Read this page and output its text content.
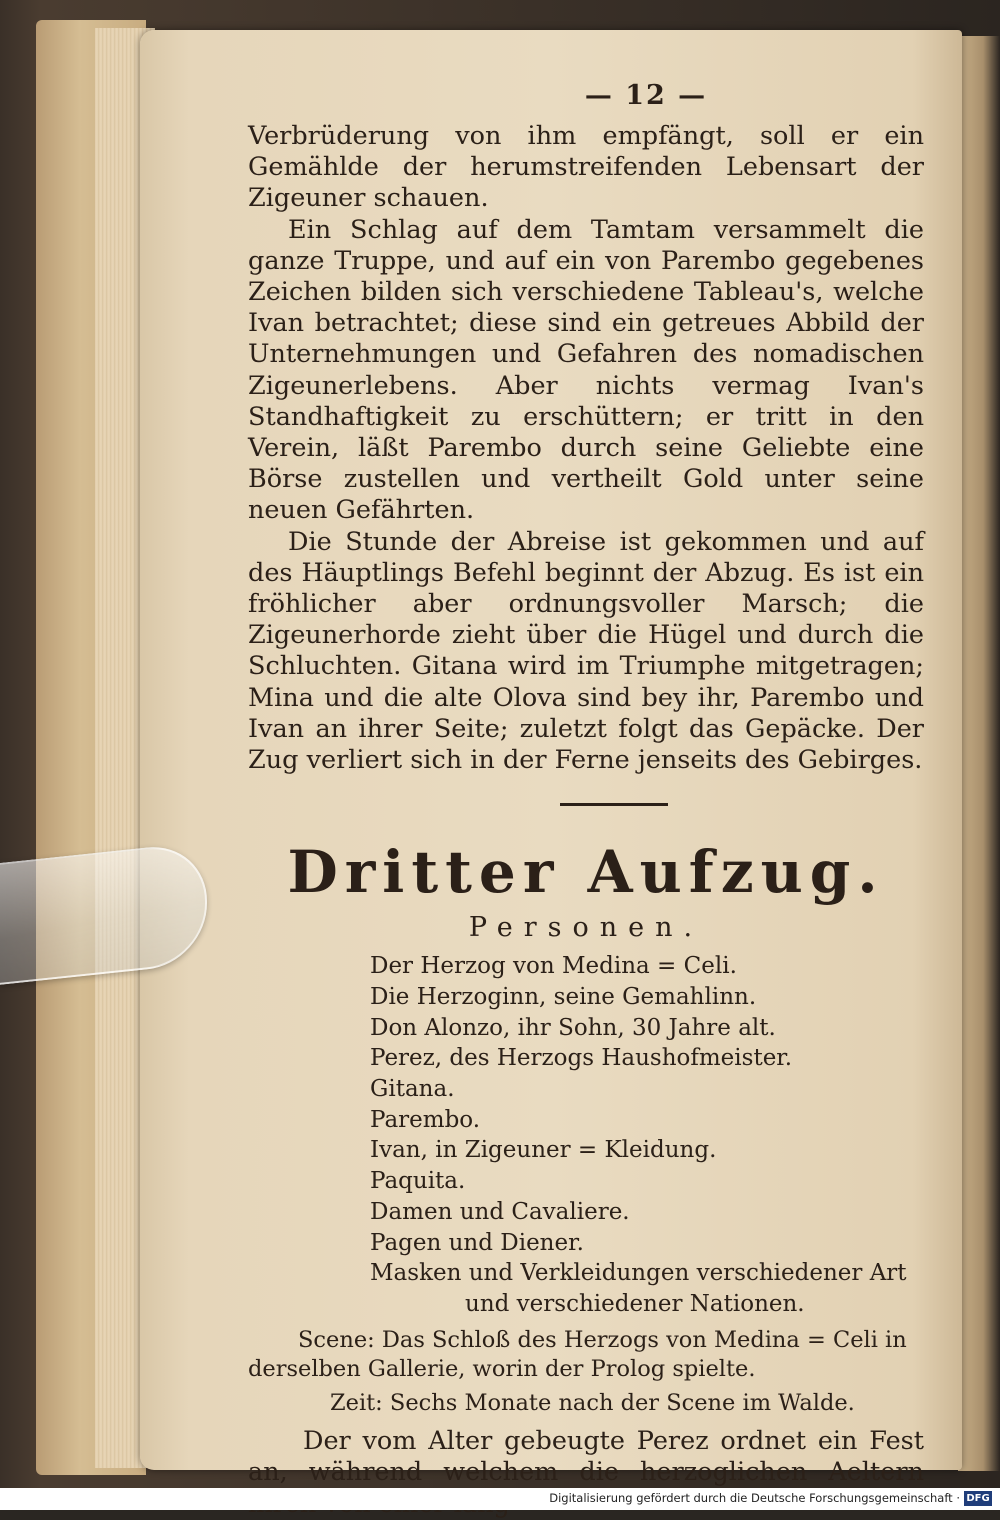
— 12 —

Verbrüderung von ihm empfängt, soll er ein Gemählde der herumstreifenden Lebensart der Zigeuner schauen.

Ein Schlag auf dem Tamtam versammelt die ganze Truppe, und auf ein von Parembo gegebenes Zeichen bilden sich verschiedene Tableau's, welche Ivan betrachtet; diese sind ein getreues Abbild der Unternehmungen und Gefahren des nomadischen Zigeunerlebens. Aber nichts vermag Ivan's Standhaftigkeit zu erschüttern; er tritt in den Verein, läßt Parembo durch seine Geliebte eine Börse zustellen und vertheilt Gold unter seine neuen Gefährten.

Die Stunde der Abreise ist gekommen und auf des Häuptlings Befehl beginnt der Abzug. Es ist ein fröhlicher aber ordnungsvoller Marsch; die Zigeunerhorde zieht über die Hügel und durch die Schluchten. Gitana wird im Triumphe mitgetragen; Mina und die alte Olova sind bey ihr, Parembo und Ivan an ihrer Seite; zuletzt folgt das Gepäcke. Der Zug verliert sich in der Ferne jenseits des Gebirges.

Dritter Aufzug.
Personen.
Der Herzog von Medina = Celi.
Die Herzoginn, seine Gemahlinn.
Don Alonzo, ihr Sohn, 30 Jahre alt.
Perez, des Herzogs Haushofmeister.
Gitana.
Parembo.
Ivan, in Zigeuner = Kleidung.
Paquita.
Damen und Cavaliere.
Pagen und Diener.
Masken und Verkleidungen verschiedener Art und verschiedener Nationen.

Scene: Das Schloß des Herzogs von Medina = Celi in derselben Gallerie, worin der Prolog spielte.

Zeit: Sechs Monate nach der Scene im Walde.

Der vom Alter gebeugte Perez ordnet ein Fest an, während welchem die herzoglichen Aeltern

Digitalisierung gefördert durch die Deutsche Forschungsgemeinschaft · DFG
